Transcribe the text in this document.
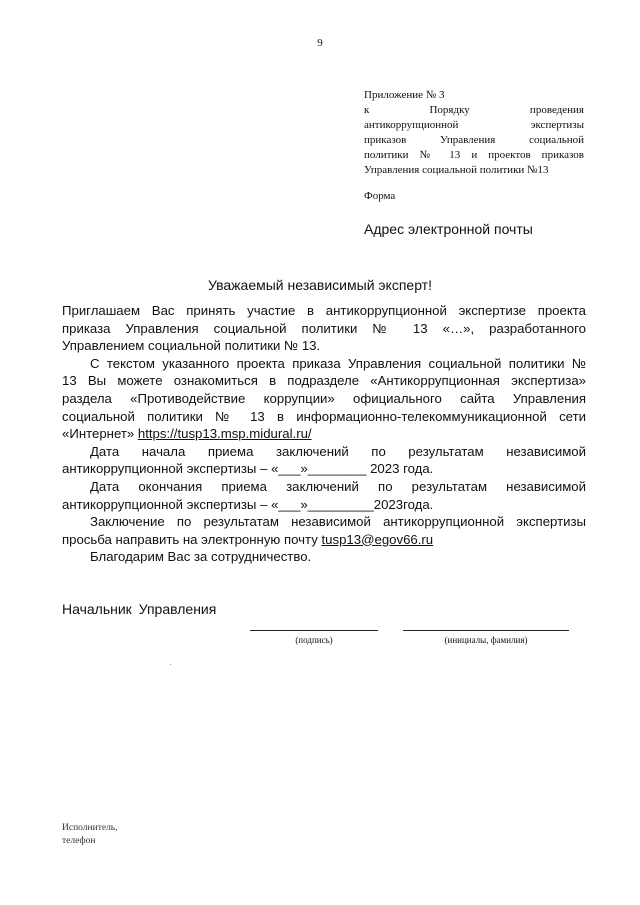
9
Приложение № 3
к Порядку проведения
антикоррупционной экспертизы
приказов Управления социальной
политики № 13 и проектов приказов
Управления социальной политики №13
Форма
Адрес электронной почты
Уважаемый независимый эксперт!
Приглашаем Вас принять участие в антикоррупционной экспертизе проекта
приказа Управления социальной политики № 13 «…», разработанного
Управлением социальной политики № 13.
С текстом указанного проекта приказа Управления социальной политики №
13 Вы можете ознакомиться в подразделе «Антикоррупционная экспертиза»
раздела «Противодействие коррупции» официального сайта Управления
социальной политики № 13 в информационно-телекоммуникационной сети
«Интернет» https://tusp13.msp.midural.ru/
Дата начала приема заключений по результатам независимой
антикоррупционной экспертизы – «___»________ 2023 года.
Дата окончания приема заключений по результатам независимой
антикоррупционной экспертизы – «___»_________2023года.
Заключение по результатам независимой антикоррупционной экспертизы
просьба направить на электронную почту tusp13@egov66.ru
Благодарим Вас за сотрудничество.
Начальник Управления
(подпись)	(инициалы, фамилия)
Исполнитель,
телефон
